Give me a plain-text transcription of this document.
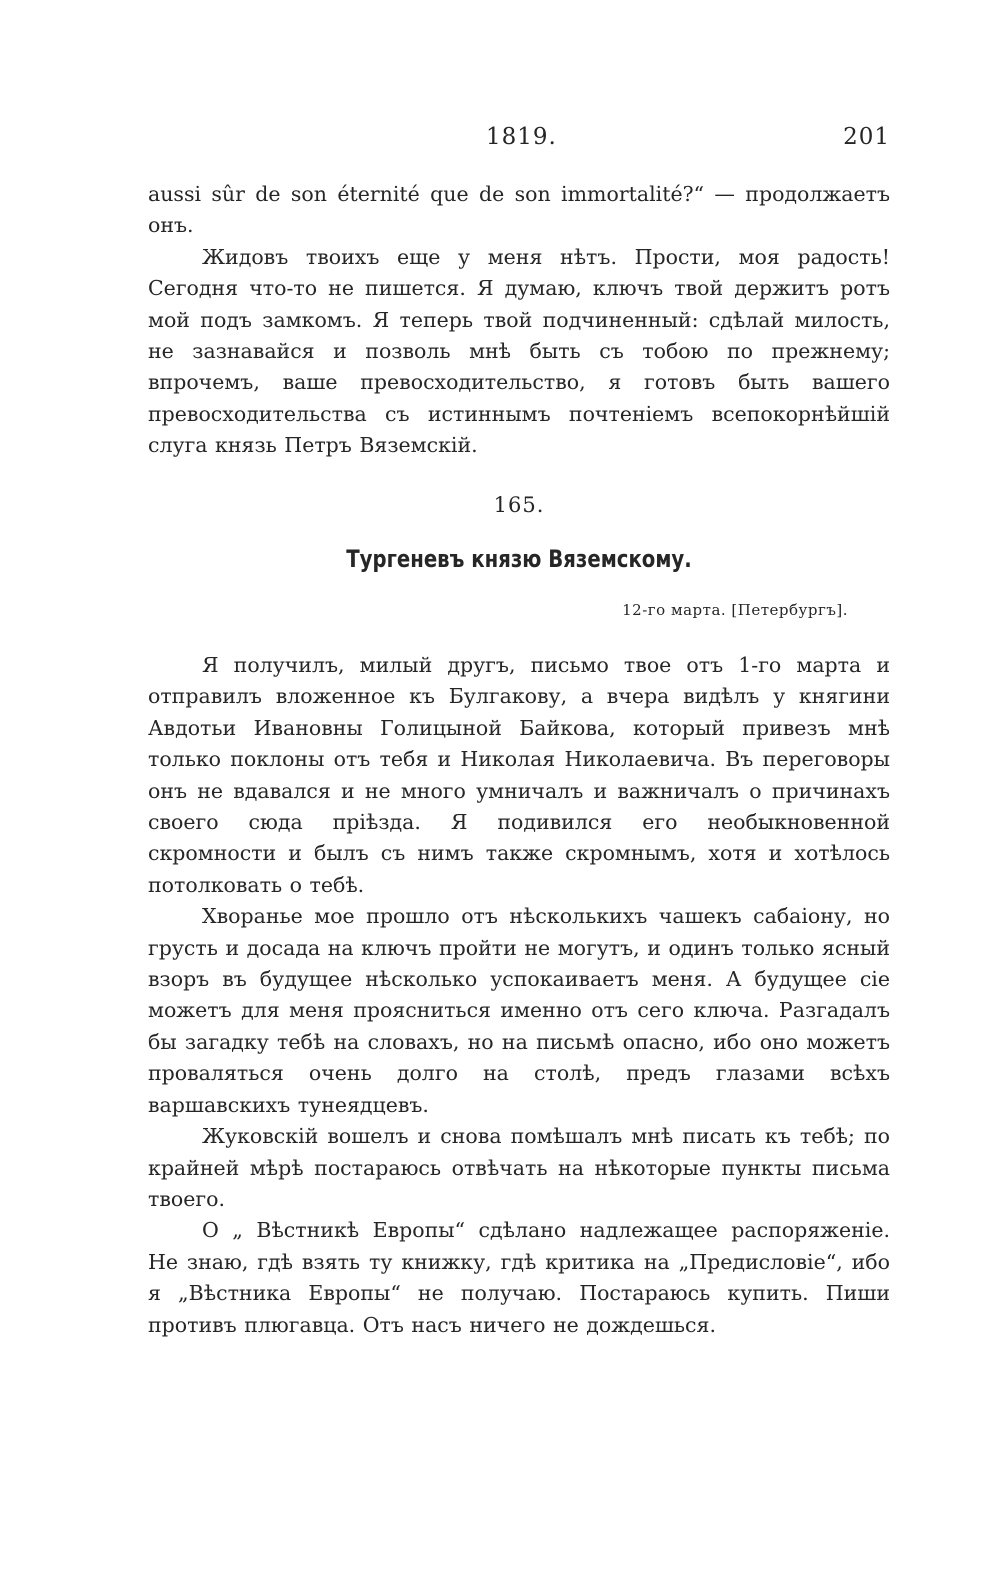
1819.	201

aussi sûr de son éternité que de son immortalité?“ — продолжаетъ онъ.

Жидовъ твоихъ еще у меня нѣтъ. Прости, моя радость! Сегодня что-то не пишется. Я думаю, ключъ твой держитъ ротъ мой подъ замкомъ. Я теперь твой подчиненный: сдѣлай милость, не зазнавайся и позволь мнѣ быть съ тобою по прежнему; впрочемъ, ваше превосходительство, я готовъ быть вашего превосходительства съ истиннымъ почтеніемъ всепокорнѣйшій слуга князь Петръ Вяземскій.

165.
Тургеневъ князю Вяземскому.
12-го марта. [Петербургъ].

Я получилъ, милый другъ, письмо твое отъ 1-го марта и отправилъ вложенное къ Булгакову, а вчера видѣлъ у княгини Авдотьи Ивановны Голицыной Байкова, который привезъ мнѣ только поклоны отъ тебя и Николая Николаевича. Въ переговоры онъ не вдавался и не много умничалъ и важничалъ о причинахъ своего сюда пріѣзда. Я подивился его необыкновенной скромности и былъ съ нимъ также скромнымъ, хотя и хотѣлось потолковать о тебѣ.

Хворанье мое прошло отъ нѣсколькихъ чашекъ сабаіону, но грусть и досада на ключъ пройти не могутъ, и одинъ только ясный взоръ въ будущее нѣсколько успокаиваетъ меня. А будущее сіе можетъ для меня проясниться именно отъ сего ключа. Разгадалъ бы загадку тебѣ на словахъ, но на письмѣ опасно, ибо оно можетъ проваляться очень долго на столѣ, предъ глазами всѣхъ варшавскихъ тунеядцевъ.

Жуковскій вошелъ и снова помѣшалъ мнѣ писать къ тебѣ; по крайней мѣрѣ постараюсь отвѣчать на нѣкоторые пункты письма твоего.

О „ Вѣстникѣ Европы“ сдѣлано надлежащее распоряженіе. Не знаю, гдѣ взять ту книжку, гдѣ критика на „Предисловіе“, ибо я „Вѣстника Европы“ не получаю. Постараюсь купить. Пиши противъ плюгавца. Отъ насъ ничего не дождешься.
